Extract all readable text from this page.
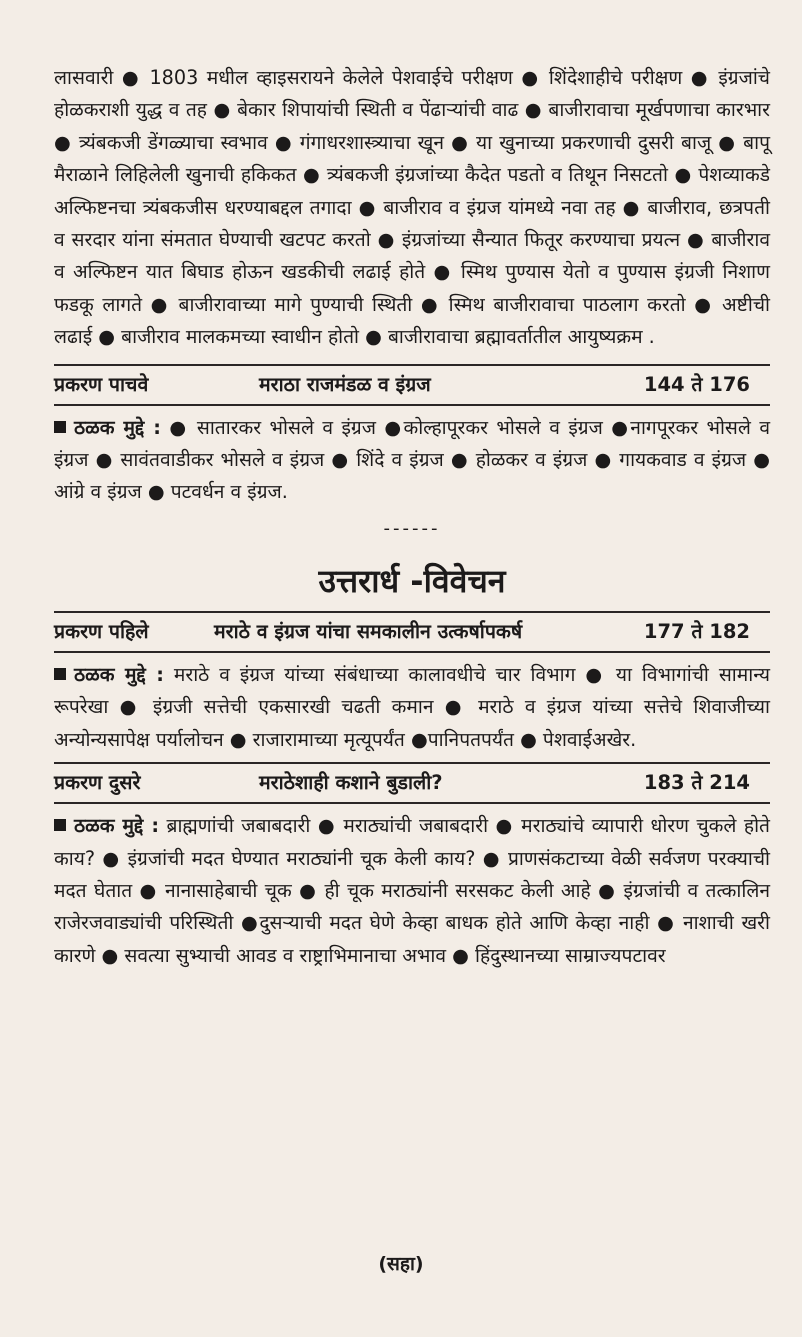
लासवारी ● 1803 मधील व्हाइसरायने केलेले पेशवाईचे परीक्षण ● शिंदेशाहीचे परीक्षण ● इंग्रजांचे होळकराशी युद्ध व तह ● बेकार शिपायांची स्थिती व पेंढाऱ्यांची वाढ ● बाजीरावाचा मूर्खपणाचा कारभार ● त्र्यंबकजी डेंगळ्याचा स्वभाव ● गंगाधरशास्त्र्याचा खून ● या खुनाच्या प्रकरणाची दुसरी बाजू ● बापू मैराळाने लिहिलेली खुनाची हकिकत ● त्र्यंबकजी इंग्रजांच्या कैदेत पडतो व तिथून निसटतो ● पेशव्याकडे अल्फिष्टनचा त्र्यंबकजीस धरण्याबद्दल तगादा ● बाजीराव व इंग्रज यांमध्ये नवा तह ● बाजीराव, छत्रपती व सरदार यांना संमतात घेण्याची खटपट करतो ● इंग्रजांच्या सैन्यात फितूर करण्याचा प्रयत्न ● बाजीराव व अल्फिष्टन यात बिघाड होऊन खडकीची लढाई होते ● स्मिथ पुण्यास येतो व पुण्यास इंग्रजी निशाण फडकू लागते ● बाजीरावाच्या मागे पुण्याची स्थिती ● स्मिथ बाजीरावाचा पाठलाग करतो ● अष्टीची लढाई ● बाजीराव मालकमच्या स्वाधीन होतो ● बाजीरावाचा ब्रह्मावर्तातील आयुष्यक्रम .

प्रकरण पाचवे	मराठा राजमंडळ व इंग्रज	144 ते 176

ठळक मुद्दे : ● सातारकर भोसले व इंग्रज ●कोल्हापूरकर भोसले व इंग्रज ●नागपूरकर भोसले व इंग्रज ● सावंतवाडीकर भोसले व इंग्रज ● शिंदे व इंग्रज ● होळकर व इंग्रज ● गायकवाड व इंग्रज ● आंग्रे व इंग्रज ● पटवर्धन व इंग्रज.

------
उत्तरार्ध -विवेचन
प्रकरण पहिले	मराठे व इंग्रज यांचा समकालीन उत्कर्षापकर्ष	177 ते 182

ठळक मुद्दे : मराठे व इंग्रज यांच्या संबंधाच्या कालावधीचे चार विभाग ● या विभागांची सामान्य रूपरेखा ● इंग्रजी सत्तेची एकसारखी चढती कमान ● मराठे व इंग्रज यांच्या सत्तेचे शिवाजीच्या अन्योन्यसापेक्ष पर्यालोचन ● राजारामाच्या मृत्यूपर्यंत ●पानिपतपर्यंत ● पेशवाईअखेर.

प्रकरण दुसरे	मराठेशाही कशाने बुडाली?	183 ते 214

ठळक मुद्दे : ब्राह्मणांची जबाबदारी ● मराठ्यांची जबाबदारी ● मराठ्यांचे व्यापारी धोरण चुकले होते काय? ● इंग्रजांची मदत घेण्यात मराठ्यांनी चूक केली काय? ● प्राणसंकटाच्या वेळी सर्वजण परक्याची मदत घेतात ● नानासाहेबाची चूक ● ही चूक मराठ्यांनी सरसकट केली आहे ● इंग्रजांची व तत्कालिन राजेरजवाड्यांची परिस्थिती ●दुसऱ्याची मदत घेणे केव्हा बाधक होते आणि केव्हा नाही ● नाशाची खरी कारणे ● सवत्या सुभ्याची आवड व राष्ट्राभिमानाचा अभाव ● हिंदुस्थानच्या साम्राज्यपटावर

(सहा)
